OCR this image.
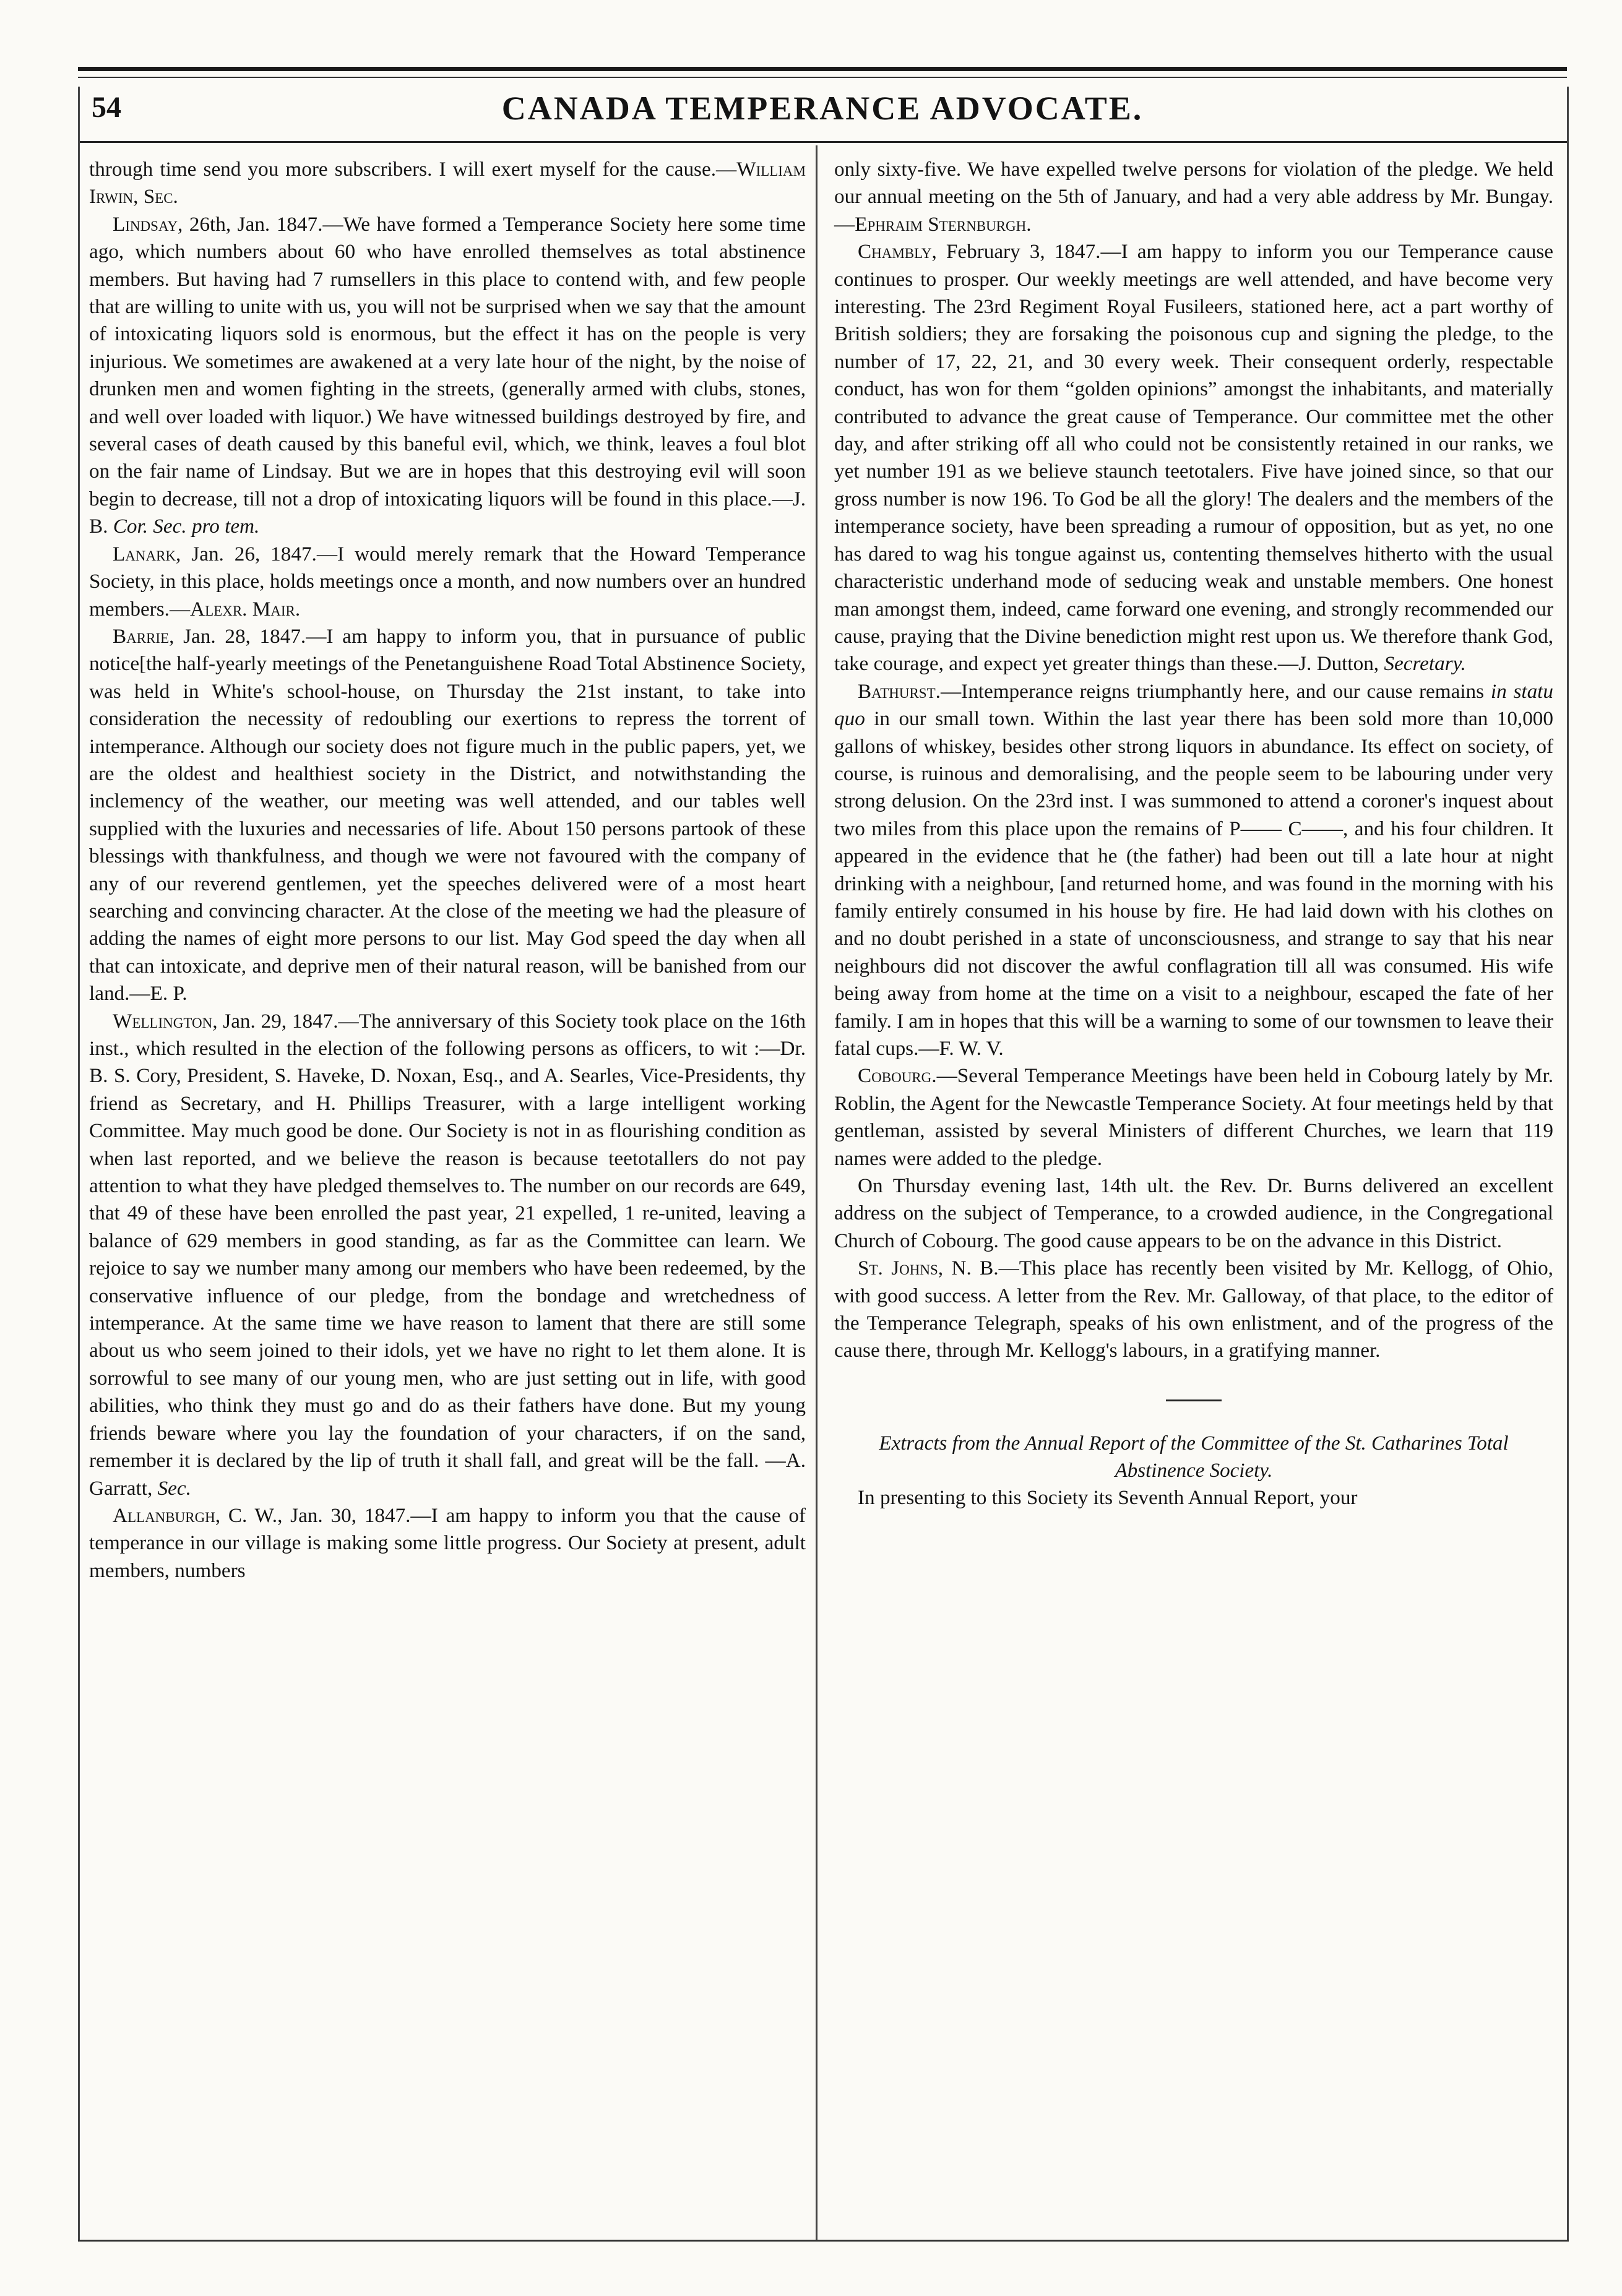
54	CANADA TEMPERANCE ADVOCATE.

through time send you more subscribers. I will exert myself for the cause.—William Irwin, Sec.

Lindsay, 26th, Jan. 1847.—We have formed a Temperance Society here some time ago, which numbers about 60 who have enrolled themselves as total abstinence members. But having had 7 rumsellers in this place to contend with, and few people that are willing to unite with us, you will not be surprised when we say that the amount of intoxicating liquors sold is enormous, but the effect it has on the people is very injurious. We sometimes are awakened at a very late hour of the night, by the noise of drunken men and women fighting in the streets, (generally armed with clubs, stones, and well over loaded with liquor.) We have witnessed buildings destroyed by fire, and several cases of death caused by this baneful evil, which, we think, leaves a foul blot on the fair name of Lindsay. But we are in hopes that this destroying evil will soon begin to decrease, till not a drop of intoxicating liquors will be found in this place.—J. B. Cor. Sec. pro tem.

Lanark, Jan. 26, 1847.—I would merely remark that the Howard Temperance Society, in this place, holds meetings once a month, and now numbers over an hundred members.—Alexr. Mair.

Barrie, Jan. 28, 1847.—I am happy to inform you, that in pursuance of public notice[the half-yearly meetings of the Penetanguishene Road Total Abstinence Society, was held in White's school-house, on Thursday the 21st instant, to take into consideration the necessity of redoubling our exertions to repress the torrent of intemperance. Although our society does not figure much in the public papers, yet, we are the oldest and healthiest society in the District, and notwithstanding the inclemency of the weather, our meeting was well attended, and our tables well supplied with the luxuries and necessaries of life. About 150 persons partook of these blessings with thankfulness, and though we were not favoured with the company of any of our reverend gentlemen, yet the speeches delivered were of a most heart searching and convincing character. At the close of the meeting we had the pleasure of adding the names of eight more persons to our list. May God speed the day when all that can intoxicate, and deprive men of their natural reason, will be banished from our land.—E. P.

Wellington, Jan. 29, 1847.—The anniversary of this Society took place on the 16th inst., which resulted in the election of the following persons as officers, to wit :—Dr. B. S. Cory, President, S. Haveke, D. Noxan, Esq., and A. Searles, Vice-Presidents, thy friend as Secretary, and H. Phillips Treasurer, with a large intelligent working Committee. May much good be done. Our Society is not in as flourishing condition as when last reported, and we believe the reason is because teetotallers do not pay attention to what they have pledged themselves to. The number on our records are 649, that 49 of these have been enrolled the past year, 21 expelled, 1 re-united, leaving a balance of 629 members in good standing, as far as the Committee can learn. We rejoice to say we number many among our members who have been redeemed, by the conservative influence of our pledge, from the bondage and wretchedness of intemperance. At the same time we have reason to lament that there are still some about us who seem joined to their idols, yet we have no right to let them alone. It is sorrowful to see many of our young men, who are just setting out in life, with good abilities, who think they must go and do as their fathers have done. But my young friends beware where you lay the foundation of your characters, if on the sand, remember it is declared by the lip of truth it shall fall, and great will be the fall. —A. Garratt, Sec.

Allanburgh, C. W., Jan. 30, 1847.—I am happy to inform you that the cause of temperance in our village is making some little progress. Our Society at present, adult members, numbers

only sixty-five. We have expelled twelve persons for violation of the pledge. We held our annual meeting on the 5th of January, and had a very able address by Mr. Bungay.—Ephraim Sternburgh.

Chambly, February 3, 1847.—I am happy to inform you our Temperance cause continues to prosper. Our weekly meetings are well attended, and have become very interesting. The 23rd Regiment Royal Fusileers, stationed here, act a part worthy of British soldiers; they are forsaking the poisonous cup and signing the pledge, to the number of 17, 22, 21, and 30 every week. Their consequent orderly, respectable conduct, has won for them “golden opinions” amongst the inhabitants, and materially contributed to advance the great cause of Temperance. Our committee met the other day, and after striking off all who could not be consistently retained in our ranks, we yet number 191 as we believe staunch teetotalers. Five have joined since, so that our gross number is now 196. To God be all the glory! The dealers and the members of the intemperance society, have been spreading a rumour of opposition, but as yet, no one has dared to wag his tongue against us, contenting themselves hitherto with the usual characteristic underhand mode of seducing weak and unstable members. One honest man amongst them, indeed, came forward one evening, and strongly recommended our cause, praying that the Divine benediction might rest upon us. We therefore thank God, take courage, and expect yet greater things than these.—J. Dutton, Secretary.

Bathurst.—Intemperance reigns triumphantly here, and our cause remains in statu quo in our small town. Within the last year there has been sold more than 10,000 gallons of whiskey, besides other strong liquors in abundance. Its effect on society, of course, is ruinous and demoralising, and the people seem to be labouring under very strong delusion. On the 23rd inst. I was summoned to attend a coroner's inquest about two miles from this place upon the remains of P—— C——, and his four children. It appeared in the evidence that he (the father) had been out till a late hour at night drinking with a neighbour, [and returned home, and was found in the morning with his family entirely consumed in his house by fire. He had laid down with his clothes on and no doubt perished in a state of unconsciousness, and strange to say that his near neighbours did not discover the awful conflagration till all was consumed. His wife being away from home at the time on a visit to a neighbour, escaped the fate of her family. I am in hopes that this will be a warning to some of our townsmen to leave their fatal cups.—F. W. V.

Cobourg.—Several Temperance Meetings have been held in Cobourg lately by Mr. Roblin, the Agent for the Newcastle Temperance Society. At four meetings held by that gentleman, assisted by several Ministers of different Churches, we learn that 119 names were added to the pledge.

On Thursday evening last, 14th ult. the Rev. Dr. Burns delivered an excellent address on the subject of Temperance, to a crowded audience, in the Congregational Church of Cobourg. The good cause appears to be on the advance in this District.

St. Johns, N. B.—This place has recently been visited by Mr. Kellogg, of Ohio, with good success. A letter from the Rev. Mr. Galloway, of that place, to the editor of the Temperance Telegraph, speaks of his own enlistment, and of the progress of the cause there, through Mr. Kellogg's labours, in a gratifying manner.

Extracts from the Annual Report of the Committee of the St. Catharines Total Abstinence Society.

In presenting to this Society its Seventh Annual Report, your
